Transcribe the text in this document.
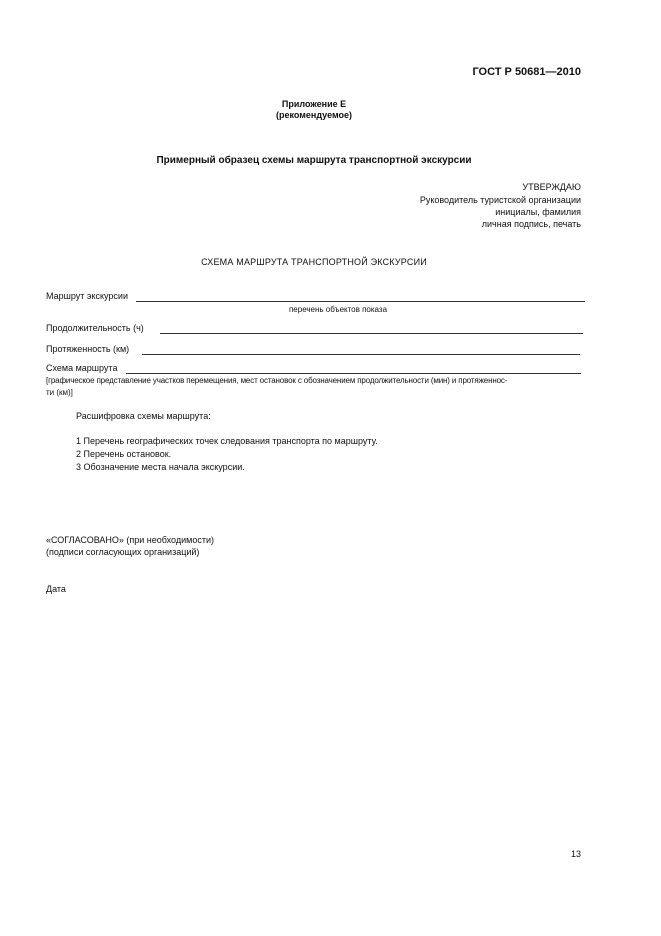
ГОСТ Р 50681—2010
Приложение Е
(рекомендуемое)
Примерный образец схемы маршрута транспортной экскурсии
УТВЕРЖДАЮ
Руководитель туристской организации
инициалы, фамилия
личная подпись, печать
СХЕМА МАРШРУТА ТРАНСПОРТНОЙ ЭКСКУРСИИ
Маршрут экскурсии
перечень объектов показа
Продолжительность (ч)
Протяженность (км)
Схема маршрута
[графическое представление участков перемещения, мест остановок с обозначением продолжительности (мин) и протяженнос-
ти (км)]
Расшифровка схемы маршрута:
1 Перечень географических точек следования транспорта по маршруту.
2 Перечень остановок.
3 Обозначение места начала экскурсии.
«СОГЛАСОВАНО» (при необходимости)
(подписи согласующих организаций)
Дата
13
